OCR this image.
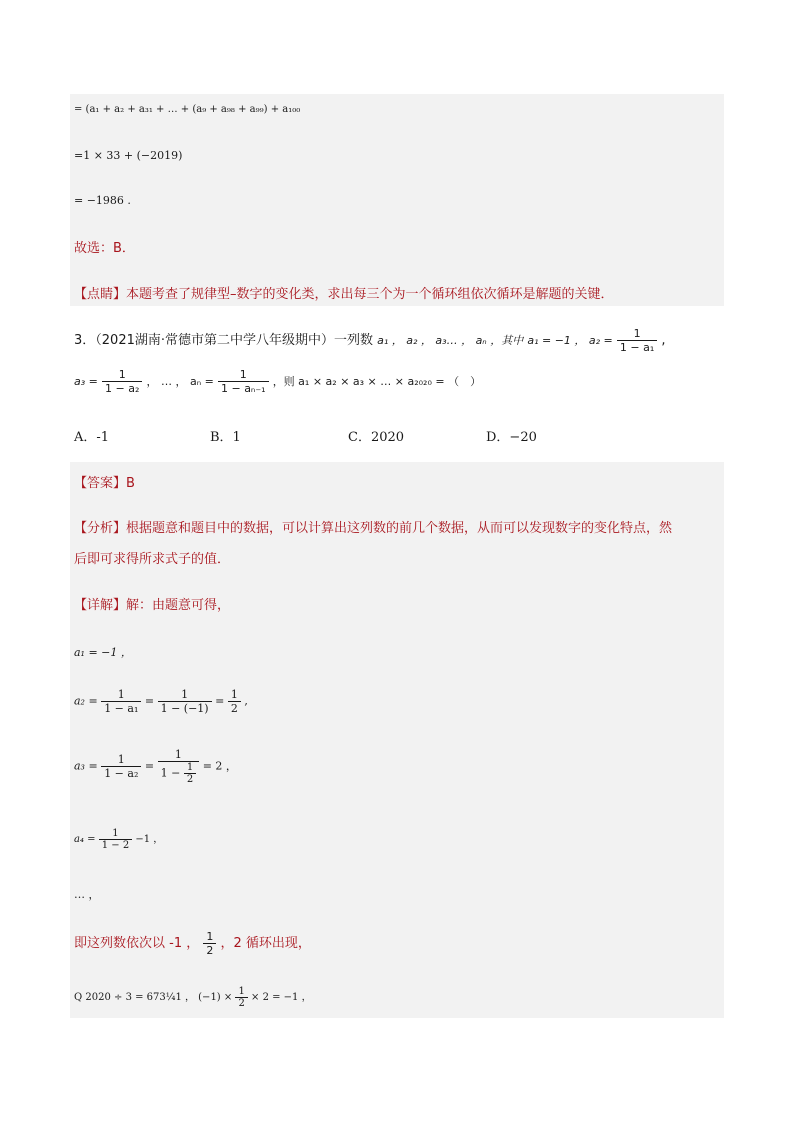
= (a₁ + a₂ + a₃₁ + … + (a₉ + a₉₈ + a₉₉) + a₁₀₀
=1 × 33 + (−2019)
= −1986 .
故选：B．
【点睛】本题考查了规律型–数字的变化类，求出每三个为一个循环组依次循环是解题的关键．
3．（2021湖南·常德市第二中学八年级期中）一列数 a₁ ， a₂ ， a₃… ， aₙ ，其中 a₁ = −1 ， $a_2 = \frac{1}{\text{1 − a₁}}$ ,
$a_3 = \frac{1}{\text{1 − a₂}}$ ， … ， $a_n = \frac{1}{\text{1 − aₙ₋₁}}$ ，则 a₁ × a₂ × a₃ × … × a₂₀₂₀ = （　）
A．-1	B．1	C．2020	D．−20
【答案】B
【分析】根据题意和题目中的数据，可以计算出这列数的前几个数据，从而可以发现数字的变化特点，然
后即可求得所求式子的值．
【详解】解：由题意可得，
a₁ = −1 ，
$a_2 = \frac{1}{\text{1 − a₁}} = \frac{1}{1 - (-1)} = \frac{1}{2}$ ,
$a_3 = \frac{1}{\text{1 − a₂}} = \frac{1}{1 - \frac{1}{2}} = 2$ ，
$a_4 = \frac{1}{1 - 2} -1$ ，
… ，
即这列数依次以 -1 ， $\frac{1}{2}$ ，2 循环出现，
Q 2020 ÷ 3 = 673¼1 ， $(-1) \times \frac{1}{2} \times 2 = -1$ ，
